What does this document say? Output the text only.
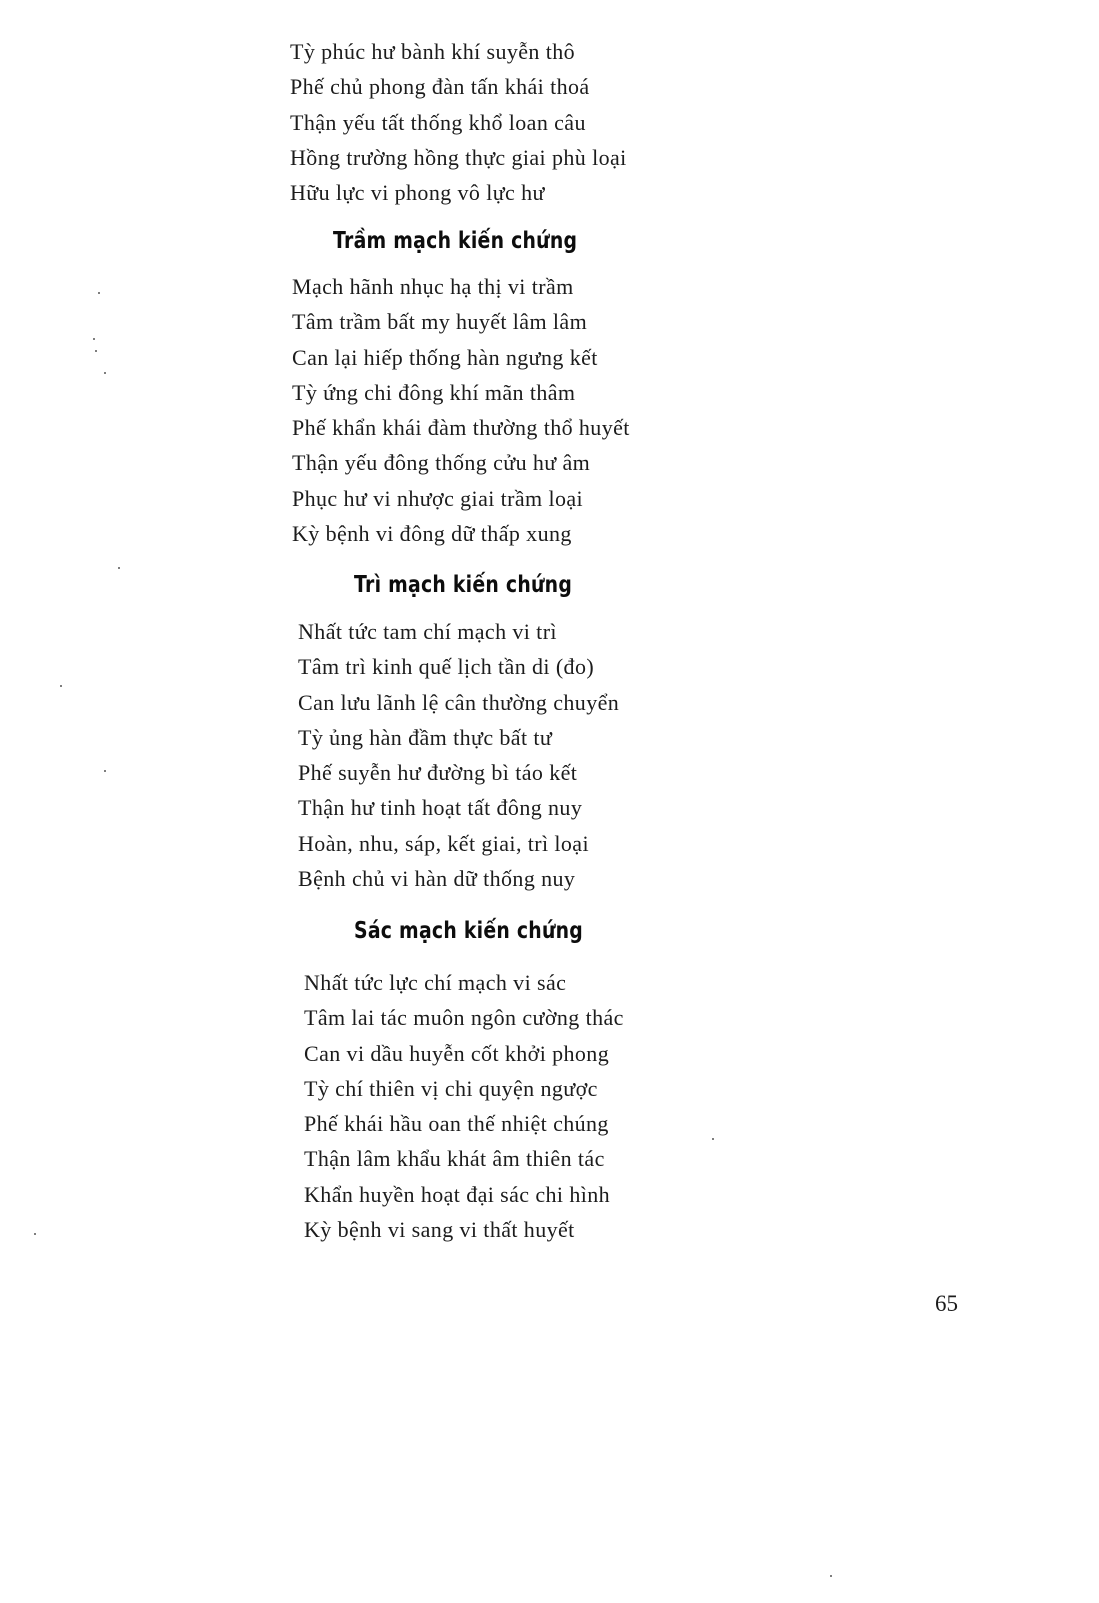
Tỳ phúc hư bành khí suyễn thô
Phế chủ phong đàn tấn khái thoá
Thận yếu tất thống khổ loan câu
Hồng trường hồng thực giai phù loại
Hữu lực vi phong vô lực hư
Trầm mạch kiến chứng
Mạch hãnh nhục hạ thị vi trầm
Tâm trầm bất my huyết lâm lâm
Can lại hiếp thống hàn ngưng kết
Tỳ ứng chi đông khí mãn thâm
Phế khẩn khái đàm thường thổ huyết
Thận yếu đông thống cửu hư âm
Phục hư vi nhược giai trầm loại
Kỳ bệnh vi đông dữ thấp xung
Trì mạch kiến chứng
Nhất tức tam chí mạch vi trì
Tâm trì kinh quế lịch tần di (đo)
Can lưu lãnh lệ cân thường chuyển
Tỳ ủng hàn đầm thực bất tư
Phế suyễn hư đường bì táo kết
Thận hư tinh hoạt tất đông nuy
Hoàn, nhu, sáp, kết giai, trì loại
Bệnh chủ vi hàn dữ thống nuy
Sác mạch kiến chứng
Nhất tức lực chí mạch vi sác
Tâm lai tác muôn ngôn cường thác
Can vi dầu huyễn cốt khởi phong
Tỳ chí thiên vị chi quyện ngược
Phế khái hầu oan thế nhiệt chúng
Thận lâm khẩu khát âm thiên tác
Khẩn huyền hoạt đại sác chi hình
Kỳ bệnh vi sang vi thất huyết
65
